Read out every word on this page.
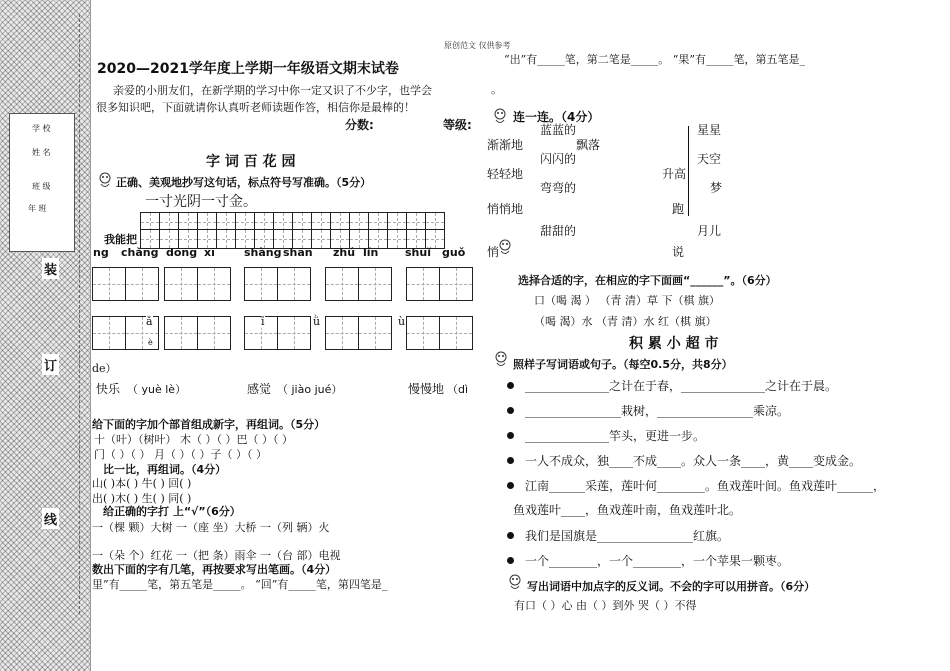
学 校
姓 名
班 级
年 班
装
订
线
原创范文 仅供参考
2020—2021学年度上学期一年级语文期末试卷
亲爱的小朋友们，在新学期的学习中你一定又识了不少字，也学会
很多知识吧，下面就请你认真听老师读题作答，相信你是最棒的！
分数:	等级:
字 词 百 花 园
正确、美观地抄写这句话，标点符号写准确。（5分）
一寸光阴一寸金。
我能把
ng chǎng dōng xī	shàng shān zhú lín shuǐ guǒ
ǎ	ī	ǜ	ù
è
de）
快乐 （ yuè lè）	感觉 （ jiào jué）	慢慢地 （dì
给下面的字加个部首组成新字，再组词。（5分）
十（叶）（树叶） 木（ ）（ ）巴（ ）（ ）
门（ ）（ ） 月（ ）（ ）子（ ）（ ）
比一比，再组词。（4分）
山( )本( ) 牛( ) 回( )
出( )木( ) 生( ) 同( )
给正确的字打 上“√”（6分）
一（棵 颗）大树 一（座 坐）大桥 一（列 辆）火
一（朵 个）红花 一（把 条）雨伞 一（台 部）电视
数出下面的字有几笔，再按要求写出笔画。（4分）
里”有_____笔，第五笔是_____。 “回”有_____笔，第四笔是_
“出”有_____笔，第二笔是_____。 “果”有_____笔，第五笔是_
。
连一连。（4分）
蓝蓝的
渐渐地	飘落
闪闪的
轻轻地
弯弯的
悄悄地
甜甜的
悄
升高
跑
说
星星
天空
梦
月儿
选择合适的字，在相应的字下面画“______”。（6分）
口（喝 渴 ） （青 清）草 下（棋 旗）
（喝 渴）水 （青 清）水 红（棋 旗）
积 累 小 超 市
照样子写词语或句子。（每空0.5分，共8分）
______________之计在于春，______________之计在于晨。
________________栽树，________________乘凉。
______________竿头，更进一步。
一人不成众，独____不成____。众人一条____，黄____变成金。
江南______采莲，莲叶何________。鱼戏莲叶间。鱼戏莲叶______，
鱼戏莲叶____，鱼戏莲叶南，鱼戏莲叶北。
我们是国旗是________________红旗。
一个________，一个________，一个苹果一颗枣。
写出词语中加点字的反义词。不会的字可以用拼音。（6分）
有口（ ）心 由（ ）到外 哭（ ）不得
